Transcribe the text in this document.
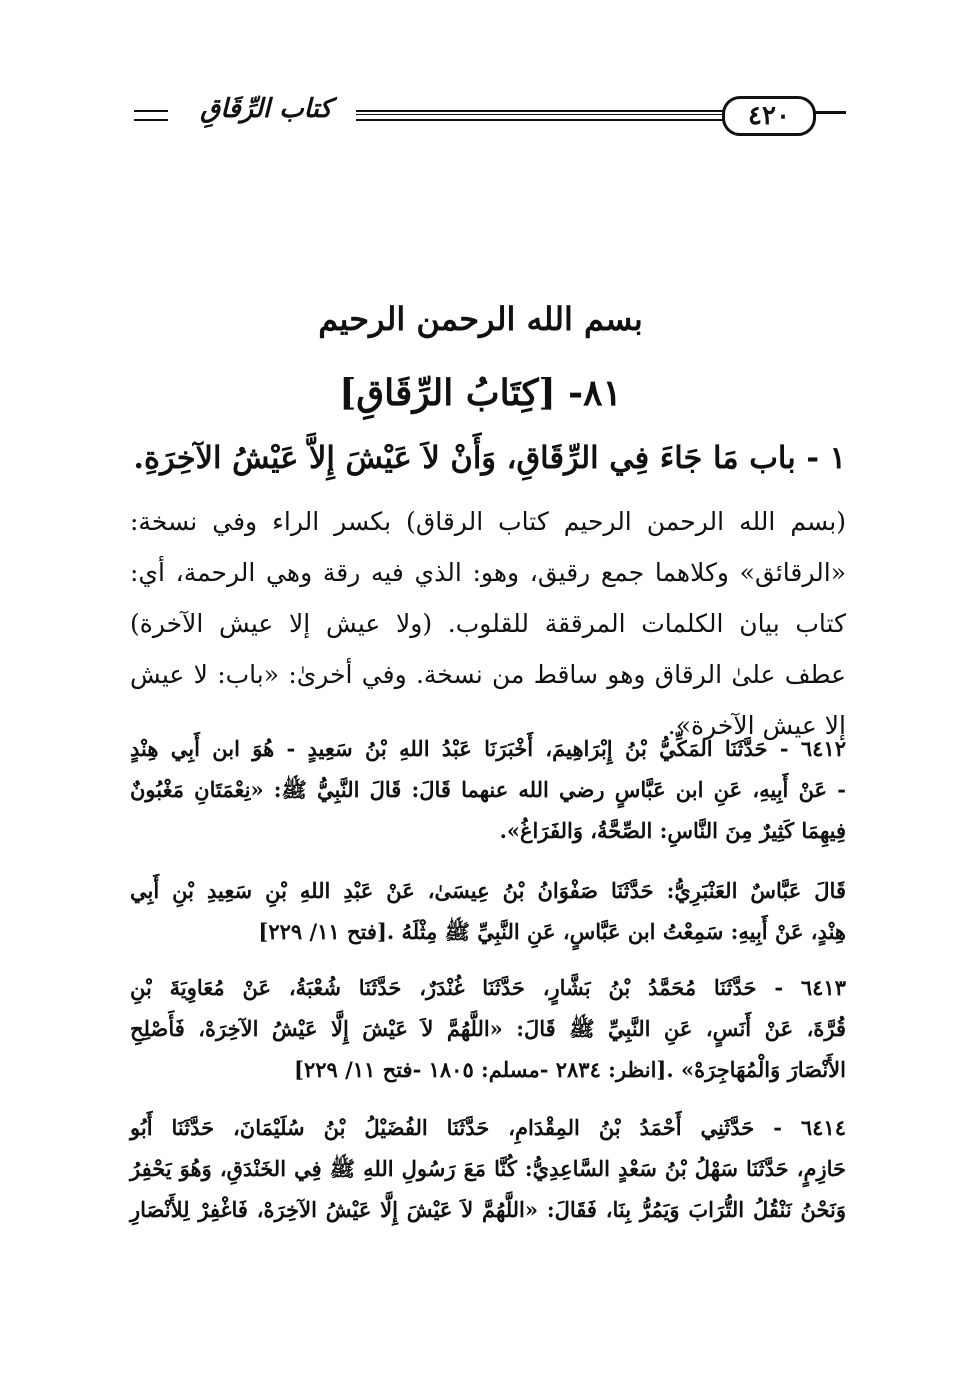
كتاب الرِّقَاقِ	٤٢٠
بسم الله الرحمن الرحيم
٨١- [كِتَابُ الرِّقَاقِ]
١ - باب مَا جَاءَ فِي الرِّقَاقِ، وَأَنْ لاَ عَيْشَ إِلاَّ عَيْشُ الآخِرَةِ.
(بسم الله الرحمن الرحيم كتاب الرقاق) بكسر الراء وفي نسخة:
«الرقائق» وكلاهما جمع رقيق، وهو: الذي فيه رقة وهي الرحمة، أي:
كتاب بيان الكلمات المرققة للقلوب. (ولا عيش إلا عيش الآخرة)
عطف علىٰ الرقاق وهو ساقط من نسخة. وفي أخرىٰ: «باب: لا عيش
إلا عيش الآخرة».
٦٤١٢ - حَدَّثَنَا المَكِّيُّ بْنُ إِبْرَاهِيمَ، أَخْبَرَنَا عَبْدُ اللهِ بْنُ سَعِيدٍ - هُوَ ابن أَبِي هِنْدٍ
- عَنْ أَبِيهِ، عَنِ ابن عَبَّاسٍ رضي الله عنهما قَالَ: قَالَ النَّبِيُّ ﷺ: «نِعْمَتَانِ مَغْبُونٌ
فِيهِمَا كَثِيرٌ مِنَ النَّاسِ: الصِّحَّةُ، وَالفَرَاغُ».
قَالَ عَبَّاسٌ العَنْبَرِيُّ: حَدَّثَنَا صَفْوَانُ بْنُ عِيسَىٰ، عَنْ عَبْدِ اللهِ بْنِ سَعِيدِ بْنِ أَبِي
هِنْدٍ، عَنْ أَبِيهِ: سَمِعْتُ ابن عَبَّاسٍ، عَنِ النَّبِيِّ ﷺ مِثْلَهُ .[فتح ١١/ ٢٢٩]
٦٤١٣ - حَدَّثَنَا مُحَمَّدُ بْنُ بَشَّارٍ، حَدَّثَنَا غُنْدَرٌ، حَدَّثَنَا شُعْبَةُ، عَنْ مُعَاوِيَةَ بْنِ
قُرَّةَ، عَنْ أَنَسٍ، عَنِ النَّبِيِّ ﷺ قَالَ: «اللَّهُمَّ لاَ عَيْشَ إِلَّا عَيْشُ الآخِرَهْ، فَأَصْلِحِ
الأَنْصَارَ وَالْمُهَاجِرَهْ» .[انظر: ٢٨٣٤ -مسلم: ١٨٠٥ -فتح ١١/ ٢٢٩]
٦٤١٤ - حَدَّثَنِي أَحْمَدُ بْنُ المِقْدَامِ، حَدَّثَنَا الفُضَيْلُ بْنُ سُلَيْمَانَ، حَدَّثَنَا أَبُو
حَازِمٍ، حَدَّثَنَا سَهْلُ بْنُ سَعْدٍ السَّاعِدِيُّ: كُنَّا مَعَ رَسُولِ اللهِ ﷺ فِي الخَنْدَقِ، وَهُوَ يَحْفِرُ
وَنَحْنُ نَنْقُلُ التُّرَابَ وَيَمُرُّ بِنَا، فَقَالَ: «اللَّهُمَّ لاَ عَيْشَ إِلَّا عَيْشُ الآخِرَهْ، فَاغْفِرْ لِلأَنْصَارِ
